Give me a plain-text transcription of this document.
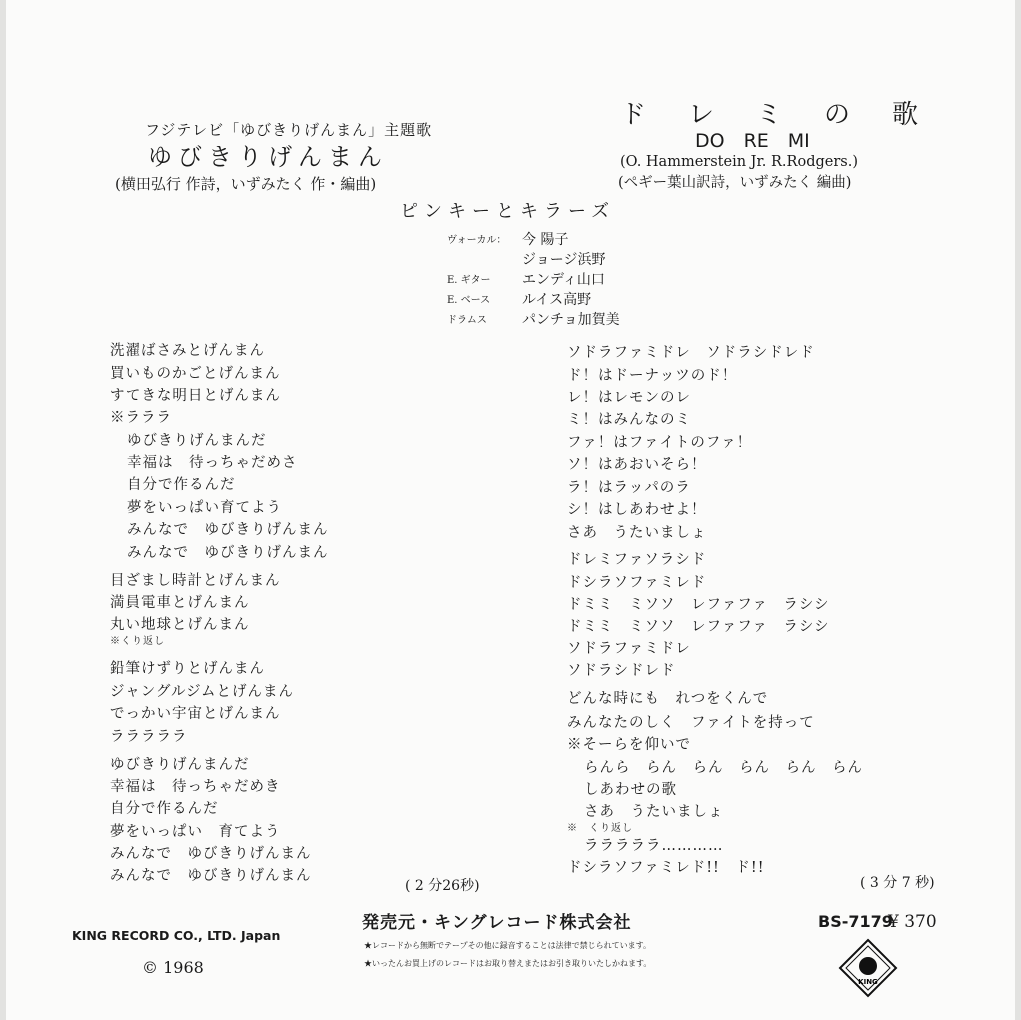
フジテレビ「ゆびきりげんまん」主題歌
ゆびきりげんまん
(横田弘行 作詩，いずみたく 作・編曲)
ド　レ　ミ　の　歌
DO　RE　MI
(O. Hammerstein Jr. R.Rodgers.)
(ペギー葉山訳詩，いずみたく 編曲)
ピンキーとキラーズ
ヴォーカル： 今 陽子
ジョージ浜野
E. ギター エンディ山口
E. ベース ルイス高野
ドラムス	パンチョ加賀美
洗濯ばさみとげんまん
買いものかごとげんまん
すてきな明日とげんまん
※ラララ
ゆびきりげんまんだ
幸福は　待っちゃだめさ
自分で作るんだ
夢をいっぱい育てよう
みんなで　ゆびきりげんまん
みんなで　ゆびきりげんまん
目ざまし時計とげんまん
満員電車とげんまん
丸い地球とげんまん
※くり返し
鉛筆けずりとげんまん
ジャングルジムとげんまん
でっかい宇宙とげんまん
ラララララ
ゆびきりげんまんだ
幸福は　待っちゃだめき
自分で作るんだ
夢をいっぱい　育てよう
みんなで　ゆびきりげんまん
みんなで　ゆびきりげんまん
ソドラファミドレ　ソドラシドレド
ド！はドーナッツのド！
レ！はレモンのレ
ミ！はみんなのミ
ファ！はファイトのファ！
ソ！はあおいそら！
ラ！はラッパのラ
シ！はしあわせよ！
さあ　うたいましょ
ドレミファソラシド
ドシラソファミレド
ドミミ　ミソソ　レファファ　ラシシ
ドミミ　ミソソ　レファファ　ラシシ
ソドラファミドレ
ソドラシドレド
どんな時にも　れつをくんで
みんなたのしく　ファイトを持って
※そーらを仰いで
らんら　らん　らん　らん　らん　らん
しあわせの歌
さあ　うたいましょ
※　くり返し
ラララララ…………
ドシラソファミレド!!　ド!!
( 2 分26秒)	( 3 分 7 秒)
KING RECORD CO., LTD. Japan
© 1968
発売元・キングレコード株式会社
★レコードから無断でテープその他に録音することは法律で禁じられています。
★いったんお買上げのレコードはお取り替えまたはお引き取りいたしかねます。
BS-7179
¥ 370
KING
